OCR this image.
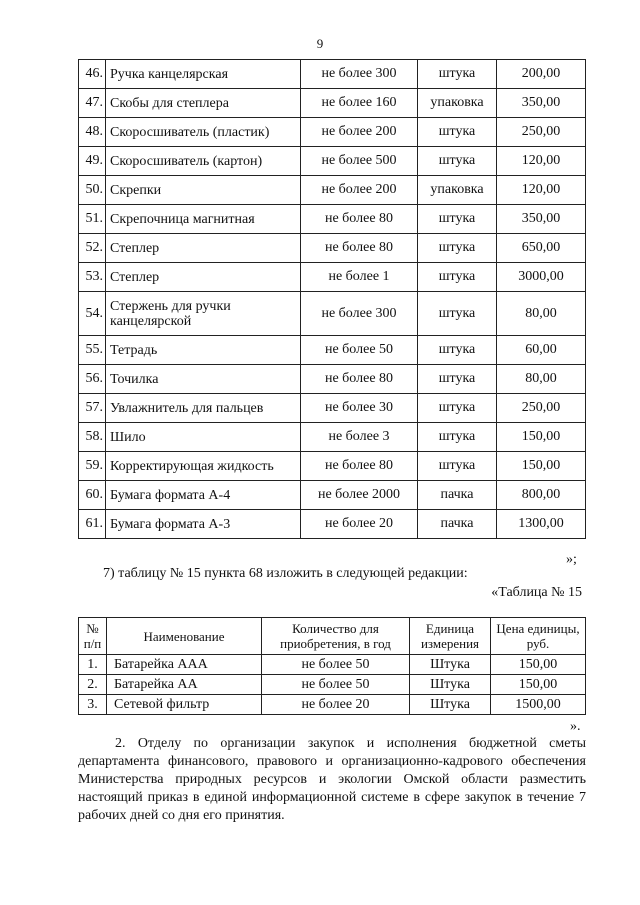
9
46.	Ручка канцелярская	не более 300	штука	200,00
47.	Скобы для степлера	не более 160	упаковка	350,00
48.	Скоросшиватель (пластик)	не более 200	штука	250,00
49.	Скоросшиватель (картон)	не более 500	штука	120,00
50.	Скрепки	не более 200	упаковка	120,00
51.	Скрепочница магнитная	не более 80	штука	350,00
52.	Степлер	не более 80	штука	650,00
53.	Степлер	не более 1	штука	3000,00
54.	Стержень для ручки канцелярской	не более 300	штука	80,00
55.	Тетрадь	не более 50	штука	60,00
56.	Точилка	не более 80	штука	80,00
57.	Увлажнитель для пальцев	не более 30	штука	250,00
58.	Шило	не более 3	штука	150,00
59.	Корректирующая жидкость	не более 80	штука	150,00
60.	Бумага формата А-4	не более 2000	пачка	800,00
61.	Бумага формата А-3	не более 20	пачка	1300,00
»;
7) таблицу № 15 пункта 68 изложить в следующей редакции:
«Таблица № 15
№ п/п	Наименование	Количество для приобретения, в год	Единица измерения	Цена единицы, руб.
1.	Батарейка ААА	не более 50	Штука	150,00
2.	Батарейка АА	не более 50	Штука	150,00
3.	Сетевой фильтр	не более 20	Штука	1500,00
».

2. Отделу по организации закупок и исполнения бюджетной сметы департамента финансового, правового и организационно-кадрового обеспечения Министерства природных ресурсов и экологии Омской области разместить настоящий приказ в единой информационной системе в сфере закупок в течение 7 рабочих дней со дня его принятия.
